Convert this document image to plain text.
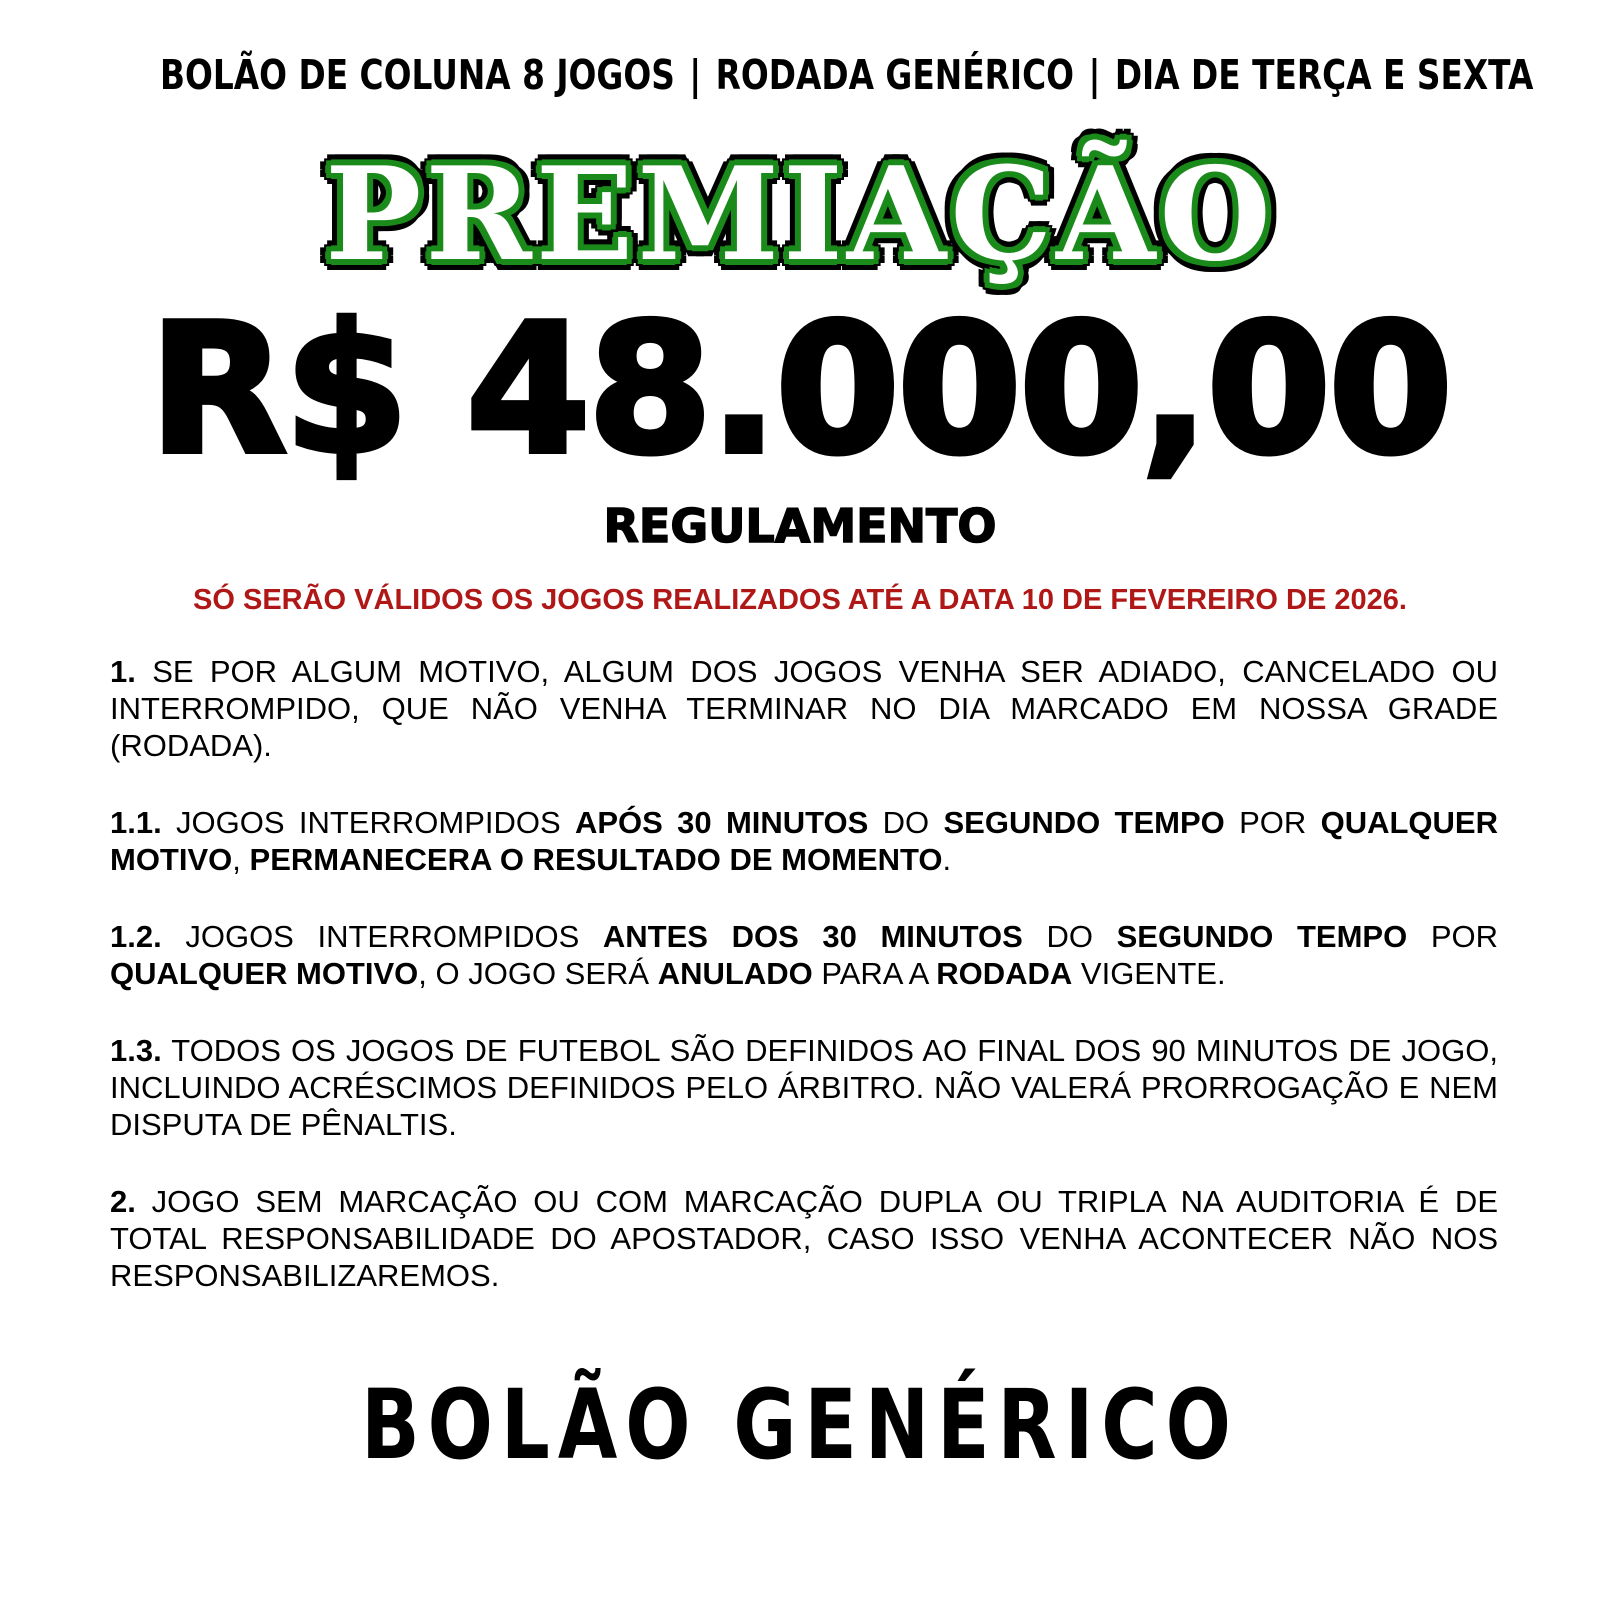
BOLÃO DE COLUNA 8 JOGOS | RODADA GENÉRICO | DIA DE TERÇA E SEXTA
PREMIAÇÃO
R$ 48.000,00
REGULAMENTO
SÓ SERÃO VÁLIDOS OS JOGOS REALIZADOS ATÉ A DATA 10 DE FEVEREIRO DE 2026.

1. SE POR ALGUM MOTIVO, ALGUM DOS JOGOS VENHA SER ADIADO, CANCELADO OU INTERROMPIDO, QUE NÃO VENHA TERMINAR NO DIA MARCADO EM NOSSA GRADE (RODADA).

1.1. JOGOS INTERROMPIDOS APÓS 30 MINUTOS DO SEGUNDO TEMPO POR QUALQUER MOTIVO, PERMANECERA O RESULTADO DE MOMENTO.

1.2. JOGOS INTERROMPIDOS ANTES DOS 30 MINUTOS DO SEGUNDO TEMPO POR QUALQUER MOTIVO, O JOGO SERÁ ANULADO PARA A RODADA VIGENTE.

1.3. TODOS OS JOGOS DE FUTEBOL SÃO DEFINIDOS AO FINAL DOS 90 MINUTOS DE JOGO, INCLUINDO ACRÉSCIMOS DEFINIDOS PELO ÁRBITRO. NÃO VALERÁ PRORROGAÇÃO E NEM DISPUTA DE PÊNALTIS.

2. JOGO SEM MARCAÇÃO OU COM MARCAÇÃO DUPLA OU TRIPLA NA AUDITORIA É DE TOTAL RESPONSABILIDADE DO APOSTADOR, CASO ISSO VENHA ACONTECER NÃO NOS RESPONSABILIZAREMOS.

BOLÃO GENÉRICO
